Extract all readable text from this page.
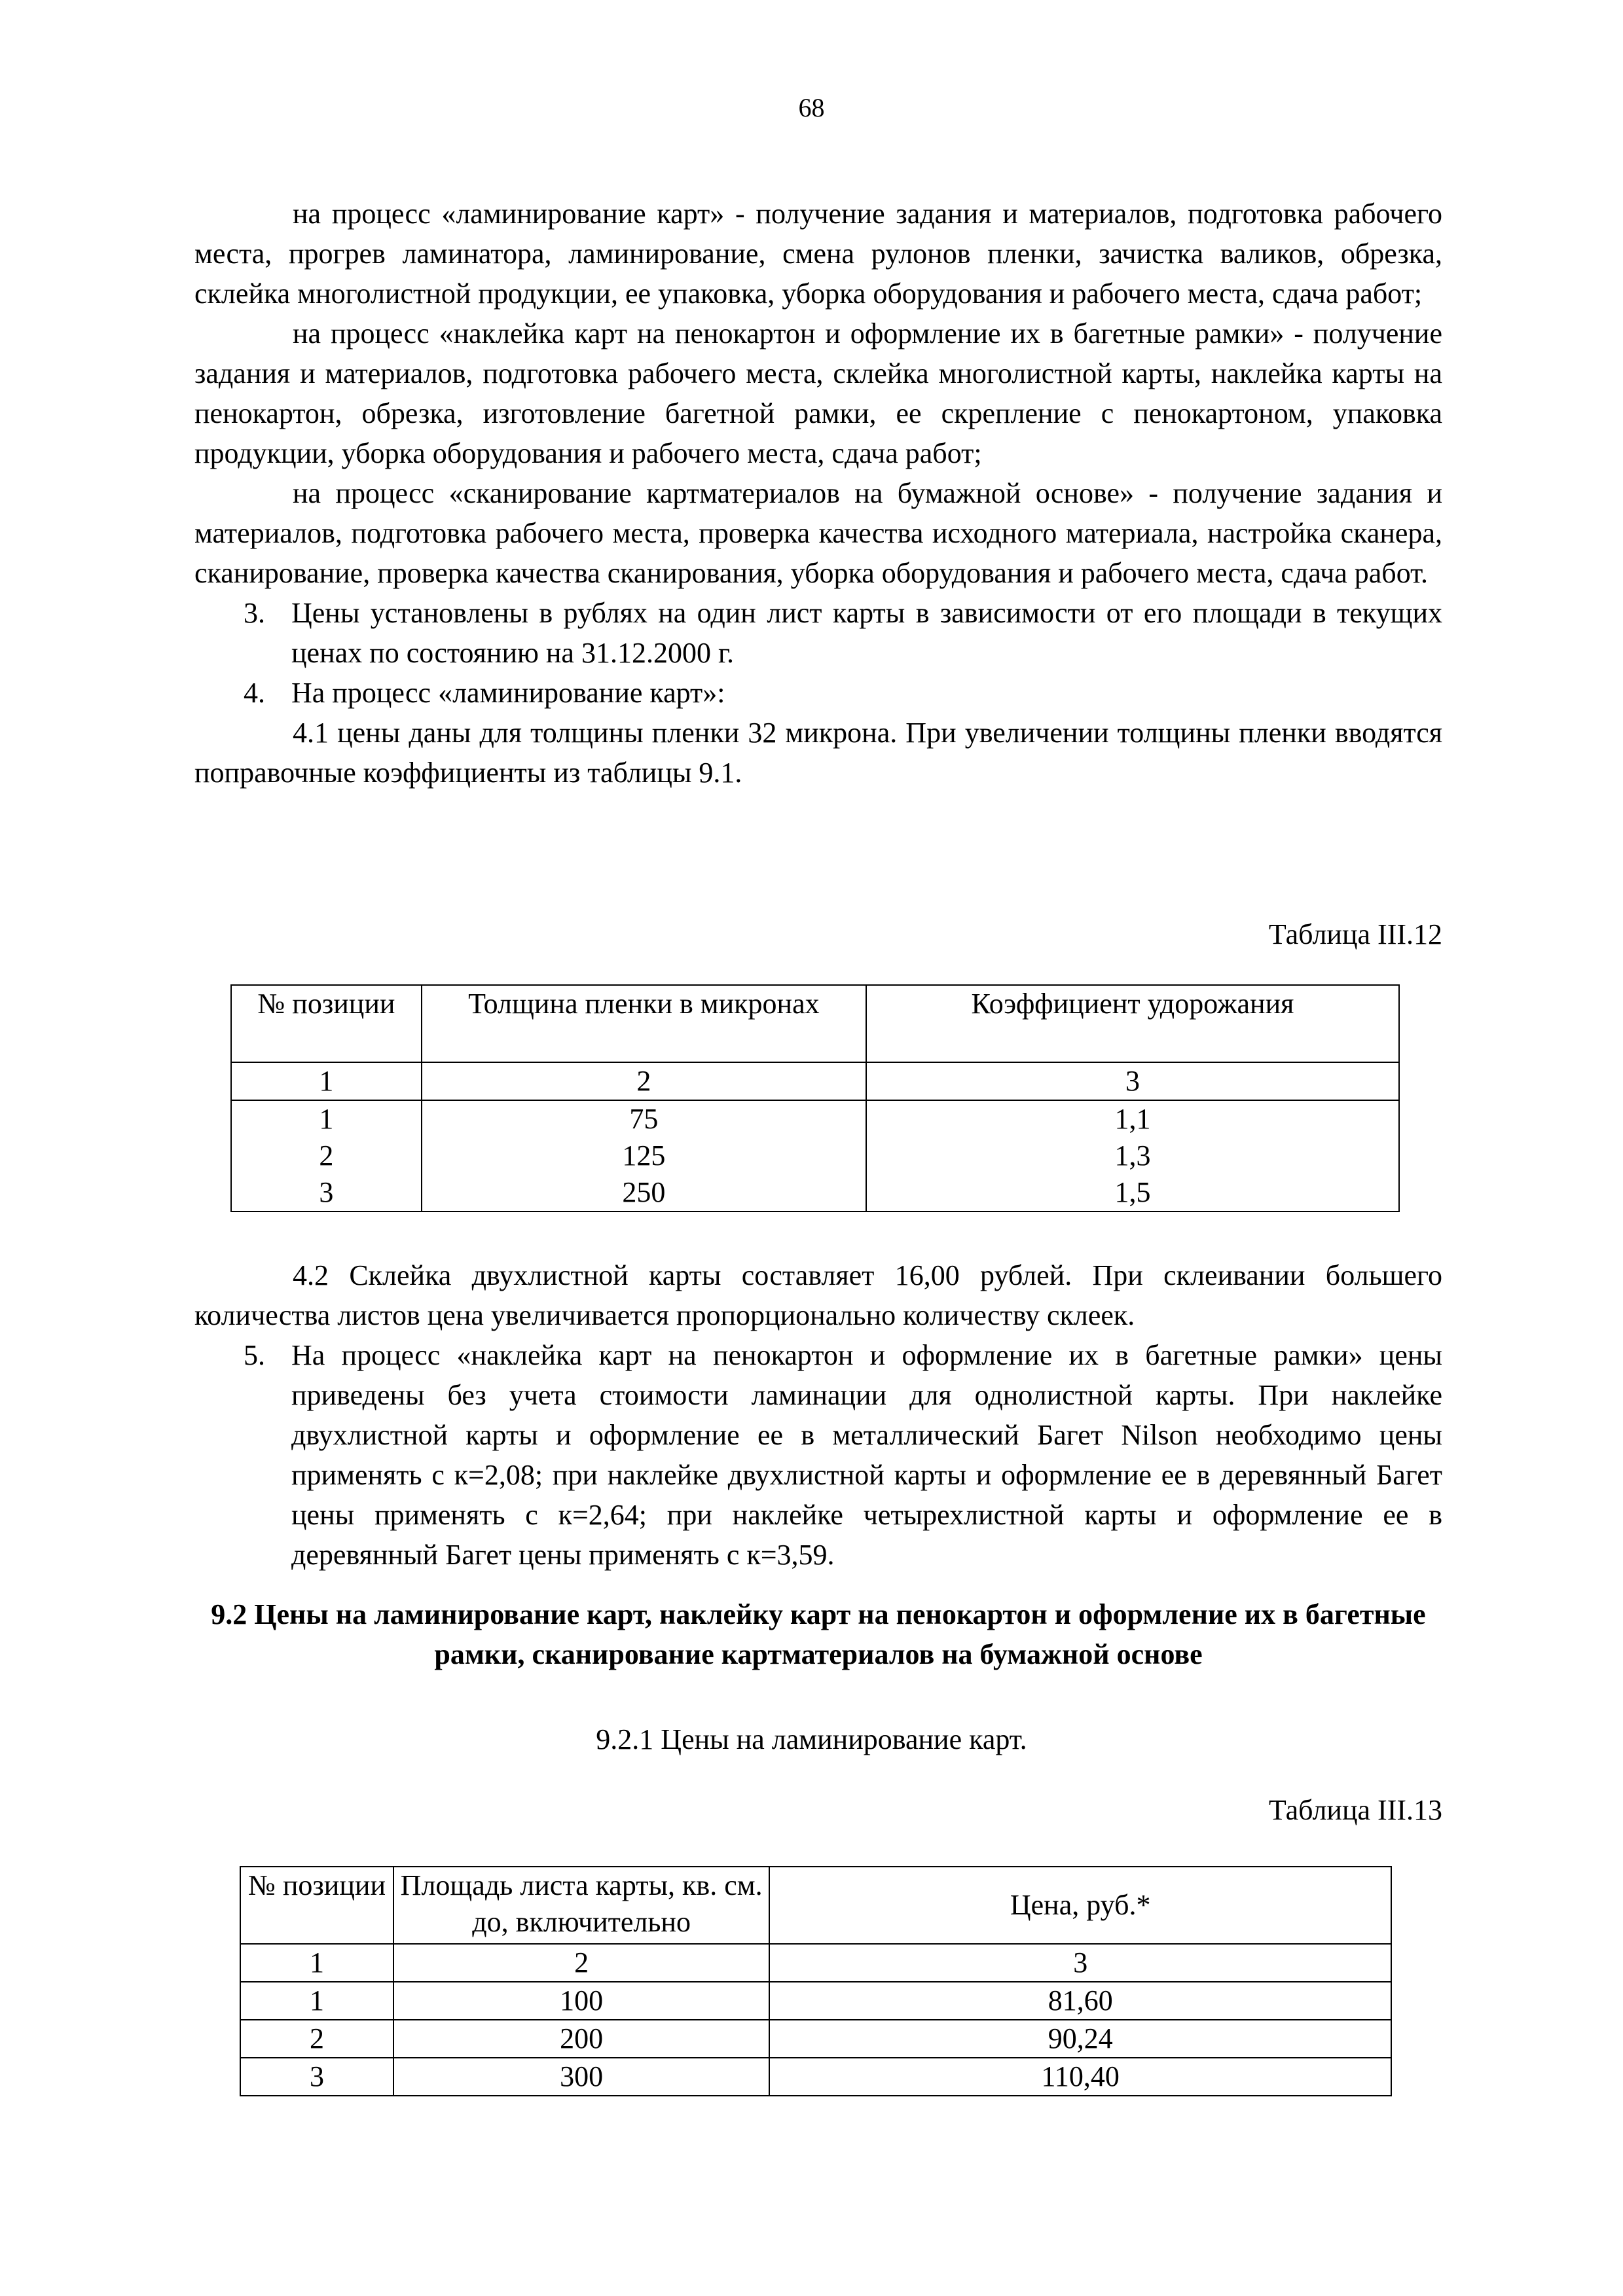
68

на процесс «ламинирование карт» - получение задания и материалов, подготовка рабочего места, прогрев ламинатора, ламинирование, смена рулонов пленки, зачистка валиков, обрезка, склейка многолистной продукции, ее упаковка, уборка оборудования и рабочего места, сдача работ;

на процесс «наклейка карт на пенокартон и оформление их в багетные рамки» - получение задания и материалов, подготовка рабочего места, склейка многолистной карты, наклейка карты на пенокартон, обрезка, изготовление багетной рамки, ее скрепление с пенокартоном, упаковка продукции, уборка оборудования и рабочего места, сдача работ;

на процесс «сканирование картматериалов на бумажной основе» - получение задания и материалов, подготовка рабочего места, проверка качества исходного материала, настройка сканера, сканирование, проверка качества сканирования, уборка оборудования и рабочего места, сдача работ.

3. Цены установлены в рублях на один лист карты в зависимости от его площади в текущих ценах по состоянию на 31.12.2000 г.
4. На процесс «ламинирование карт»:

4.1 цены даны для толщины пленки 32 микрона. При увеличении толщины пленки вводятся поправочные коэффициенты из таблицы 9.1.

Таблица III.12
№ позиции	Толщина пленки в микронах	Коэффициент удорожания
1	2	3
1	75	1,1
2	125	1,3
3	250	1,5

4.2 Склейка двухлистной карты составляет 16,00 рублей. При склеивании большего количества листов цена увеличивается пропорционально количеству склеек.

5. На процесс «наклейка карт на пенокартон и оформление их в багетные рамки» цены приведены без учета стоимости ламинации для однолистной карты. При наклейке двухлистной карты и оформление ее в металлический Багет Nilson необходимо цены применять с к=2,08; при наклейке двухлистной карты и оформление ее в деревянный Багет цены применять с к=2,64; при наклейке четырехлистной карты и оформление ее в деревянный Багет цены применять с к=3,59.
9.2 Цены на ламинирование карт, наклейку карт на пенокартон и оформление их в багетные рамки, сканирование картматериалов на бумажной основе
9.2.1 Цены на ламинирование карт.
Таблица III.13
№ позиции	Площадь листа карты, кв. см. до, включительно	Цена, руб.*
1	2	3
1	100	81,60
2	200	90,24
3	300	110,40
